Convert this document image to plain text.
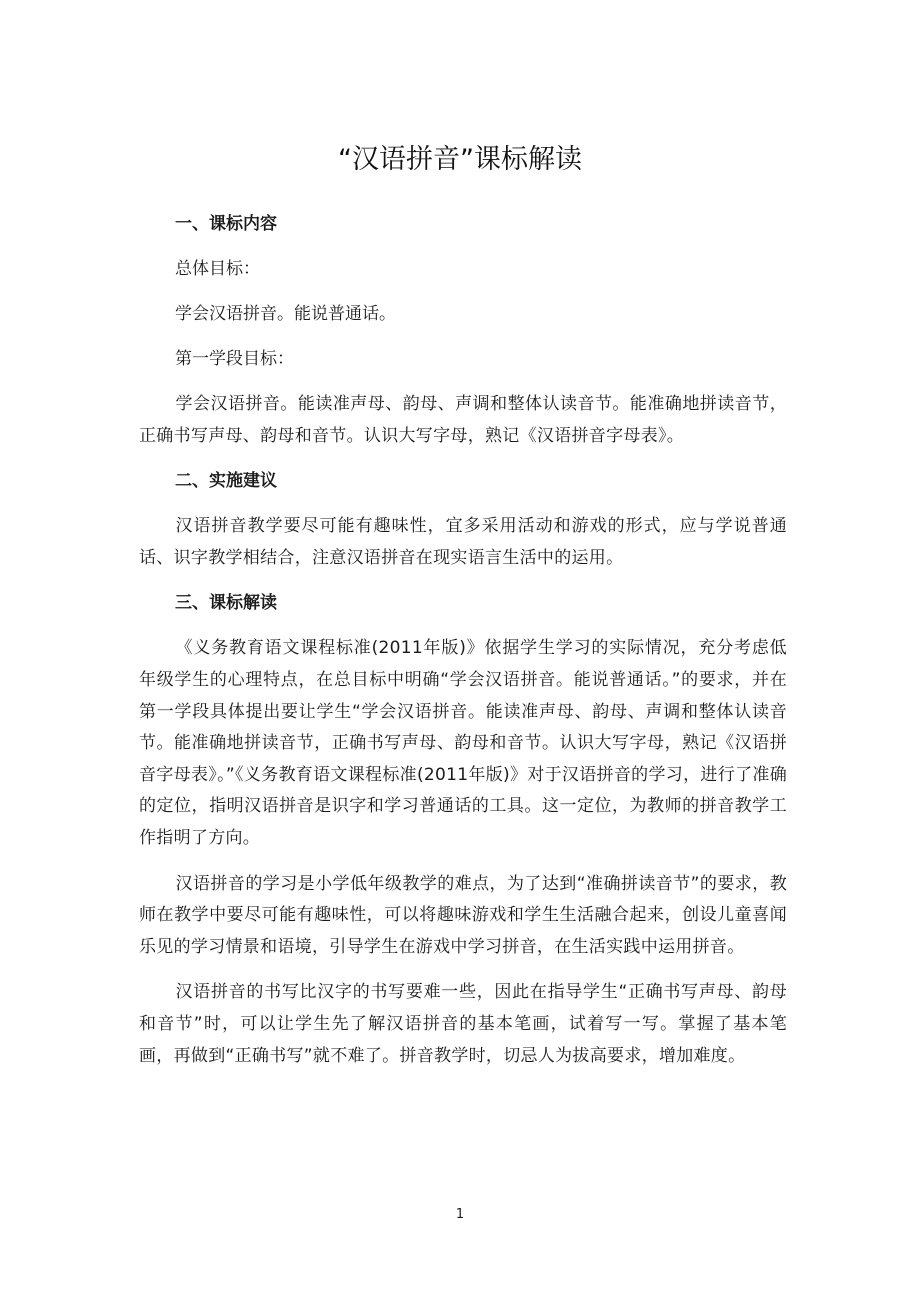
“汉语拼音”课标解读
一、课标内容
总体目标：
学会汉语拼音。能说普通话。
第一学段目标：

学会汉语拼音。能读准声母、韵母、声调和整体认读音节。能准确地拼读音节，正确书写声母、韵母和音节。认识大写字母，熟记《汉语拼音字母表》。

二、实施建议

汉语拼音教学要尽可能有趣味性，宜多采用活动和游戏的形式，应与学说普通话、识字教学相结合，注意汉语拼音在现实语言生活中的运用。

三、课标解读

《义务教育语文课程标准(2011年版)》依据学生学习的实际情况，充分考虑低年级学生的心理特点，在总目标中明确“学会汉语拼音。能说普通话。”的要求，并在第一学段具体提出要让学生“学会汉语拼音。能读准声母、韵母、声调和整体认读音节。能准确地拼读音节，正确书写声母、韵母和音节。认识大写字母，熟记《汉语拼音字母表》。”《义务教育语文课程标准(2011年版)》对于汉语拼音的学习，进行了准确的定位，指明汉语拼音是识字和学习普通话的工具。这一定位，为教师的拼音教学工作指明了方向。

汉语拼音的学习是小学低年级教学的难点，为了达到“准确拼读音节”的要求，教师在教学中要尽可能有趣味性，可以将趣味游戏和学生生活融合起来，创设儿童喜闻乐见的学习情景和语境，引导学生在游戏中学习拼音，在生活实践中运用拼音。

汉语拼音的书写比汉字的书写要难一些，因此在指导学生“正确书写声母、韵母和音节”时，可以让学生先了解汉语拼音的基本笔画，试着写一写。掌握了基本笔画，再做到“正确书写”就不难了。拼音教学时，切忌人为拔高要求，增加难度。

1
